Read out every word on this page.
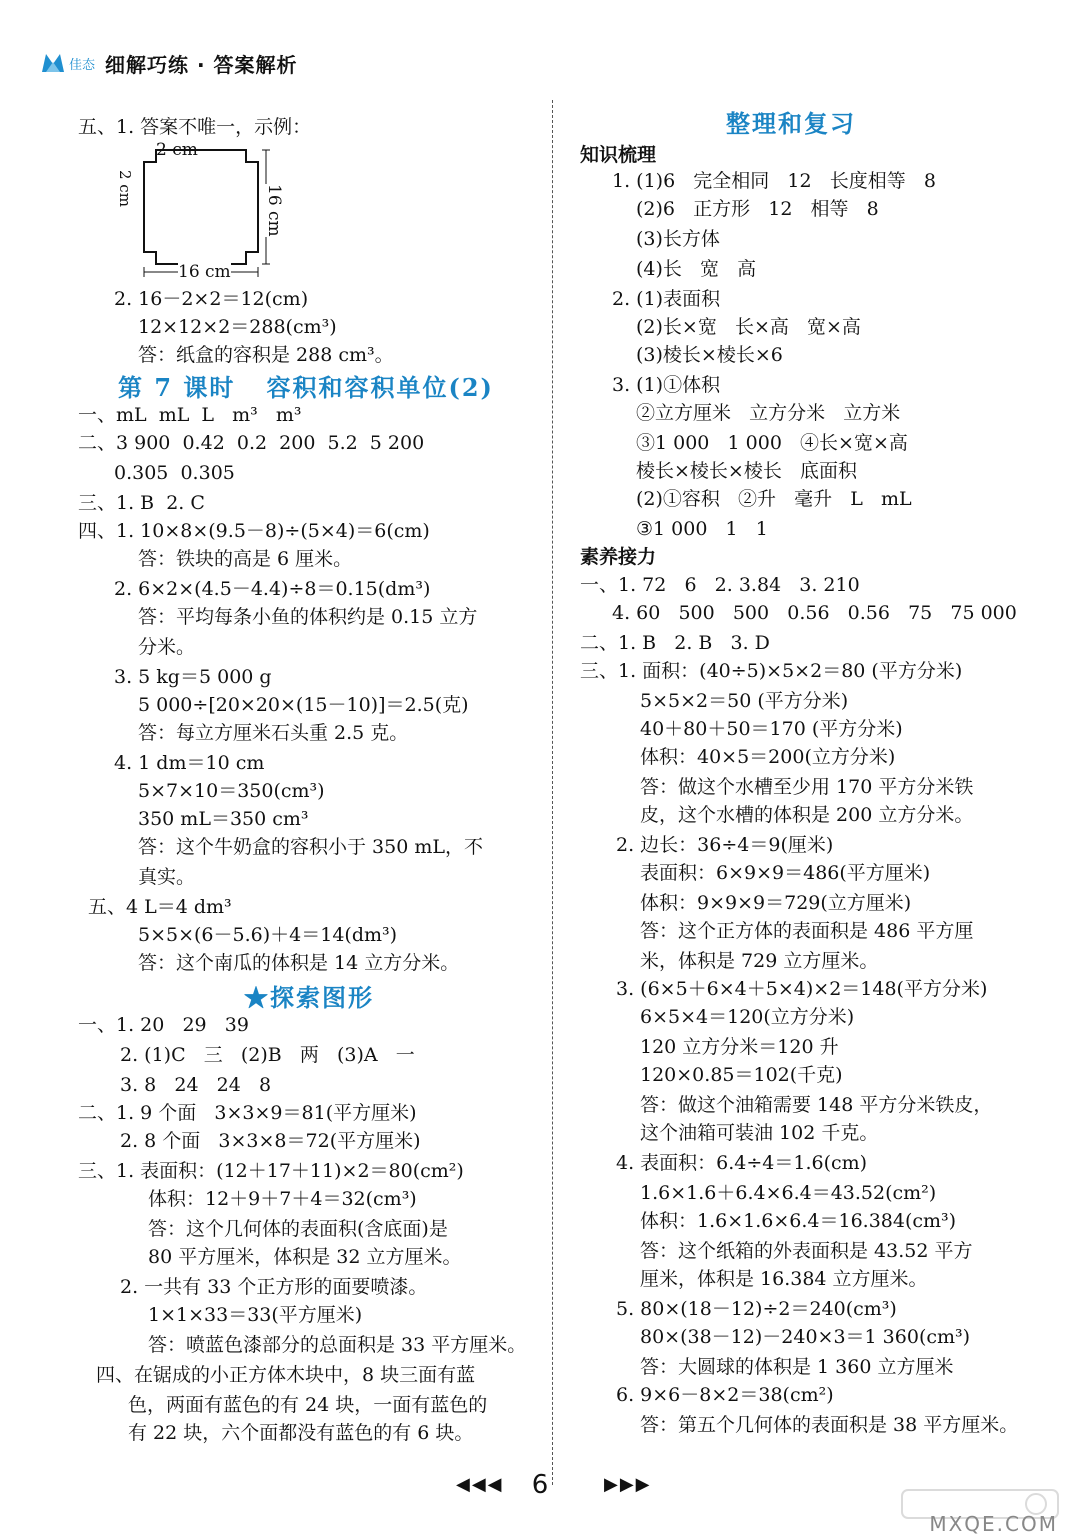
佳态 细解巧练 · 答案解析
五、1. 答案不唯一，示例：
2 cm
2 cm	16 cm
16 cm
2. 16－2×2＝12(cm)
12×12×2＝288(cm³)
答：纸盒的容积是 288 cm³。
第 7 课时   容积和容积单位(2)
一、mL  mL  L   m³   m³
二、3 900  0.42  0.2  200  5.2  5 200
0.305  0.305
三、1. B  2. C
四、1. 10×8×(9.5－8)÷(5×4)＝6(cm)
答：铁块的高是 6 厘米。
2. 6×2×(4.5－4.4)÷8＝0.15(dm³)
答：平均每条小鱼的体积约是 0.15 立方
分米。
3. 5 kg＝5 000 g
5 000÷[20×20×(15－10)]＝2.5(克)
答：每立方厘米石头重 2.5 克。
4. 1 dm＝10 cm
5×7×10＝350(cm³)
350 mL＝350 cm³
答：这个牛奶盒的容积小于 350 mL，不
真实。
五、4 L＝4 dm³
5×5×(6－5.6)＋4＝14(dm³)
答：这个南瓜的体积是 14 立方分米。
★探索图形
一、1. 20   29   39
2. (1)C   三   (2)B   两   (3)A   一
3. 8   24   24   8
二、1. 9 个面   3×3×9＝81(平方厘米)
2. 8 个面   3×3×8＝72(平方厘米)
三、1. 表面积：(12＋17＋11)×2＝80(cm²)
体积：12＋9＋7＋4＝32(cm³)
答：这个几何体的表面积(含底面)是
80 平方厘米，体积是 32 立方厘米。
2. 一共有 33 个正方形的面要喷漆。
1×1×33＝33(平方厘米)
答：喷蓝色漆部分的总面积是 33 平方厘米。
四、在锯成的小正方体木块中，8 块三面有蓝
色，两面有蓝色的有 24 块，一面有蓝色的
有 22 块，六个面都没有蓝色的有 6 块。
整理和复习
知识梳理
1. (1)6   完全相同   12   长度相等   8
(2)6   正方形   12   相等   8
(3)长方体
(4)长   宽   高
2. (1)表面积
(2)长×宽   长×高   宽×高
(3)棱长×棱长×6
3. (1)①体积
②立方厘米   立方分米   立方米
③1 000   1 000   ④长×宽×高
棱长×棱长×棱长   底面积
(2)①容积   ②升   毫升   L   mL
③1 000   1   1
素养接力
一、1. 72   6   2. 3.84   3. 210
4. 60   500   500   0.56   0.56   75   75 000
二、1. B   2. B   3. D
三、1. 面积：(40÷5)×5×2＝80 (平方分米)
5×5×2＝50 (平方分米)
40＋80＋50＝170 (平方分米)
体积：40×5＝200(立方分米)
答：做这个水槽至少用 170 平方分米铁
皮，这个水槽的体积是 200 立方分米。
2. 边长：36÷4＝9(厘米)
表面积：6×9×9＝486(平方厘米)
体积：9×9×9＝729(立方厘米)
答：这个正方体的表面积是 486 平方厘
米，体积是 729 立方厘米。
3. (6×5＋6×4＋5×4)×2＝148(平方分米)
6×5×4＝120(立方分米)
120 立方分米＝120 升
120×0.85＝102(千克)
答：做这个油箱需要 148 平方分米铁皮，
这个油箱可装油 102 千克。
4. 表面积：6.4÷4＝1.6(cm)
1.6×1.6＋6.4×6.4＝43.52(cm²)
体积：1.6×1.6×6.4＝16.384(cm³)
答：这个纸箱的外表面积是 43.52 平方
厘米，体积是 16.384 立方厘米。
5. 80×(18－12)÷2＝240(cm³)
80×(38－12)－240×3＝1 360(cm³)
答：大圆球的体积是 1 360 立方厘米
6. 9×6－8×2＝38(cm²)
答：第五个几何体的表面积是 38 平方厘米。
◀◀◀	6	▶▶▶
MXQE.COM
